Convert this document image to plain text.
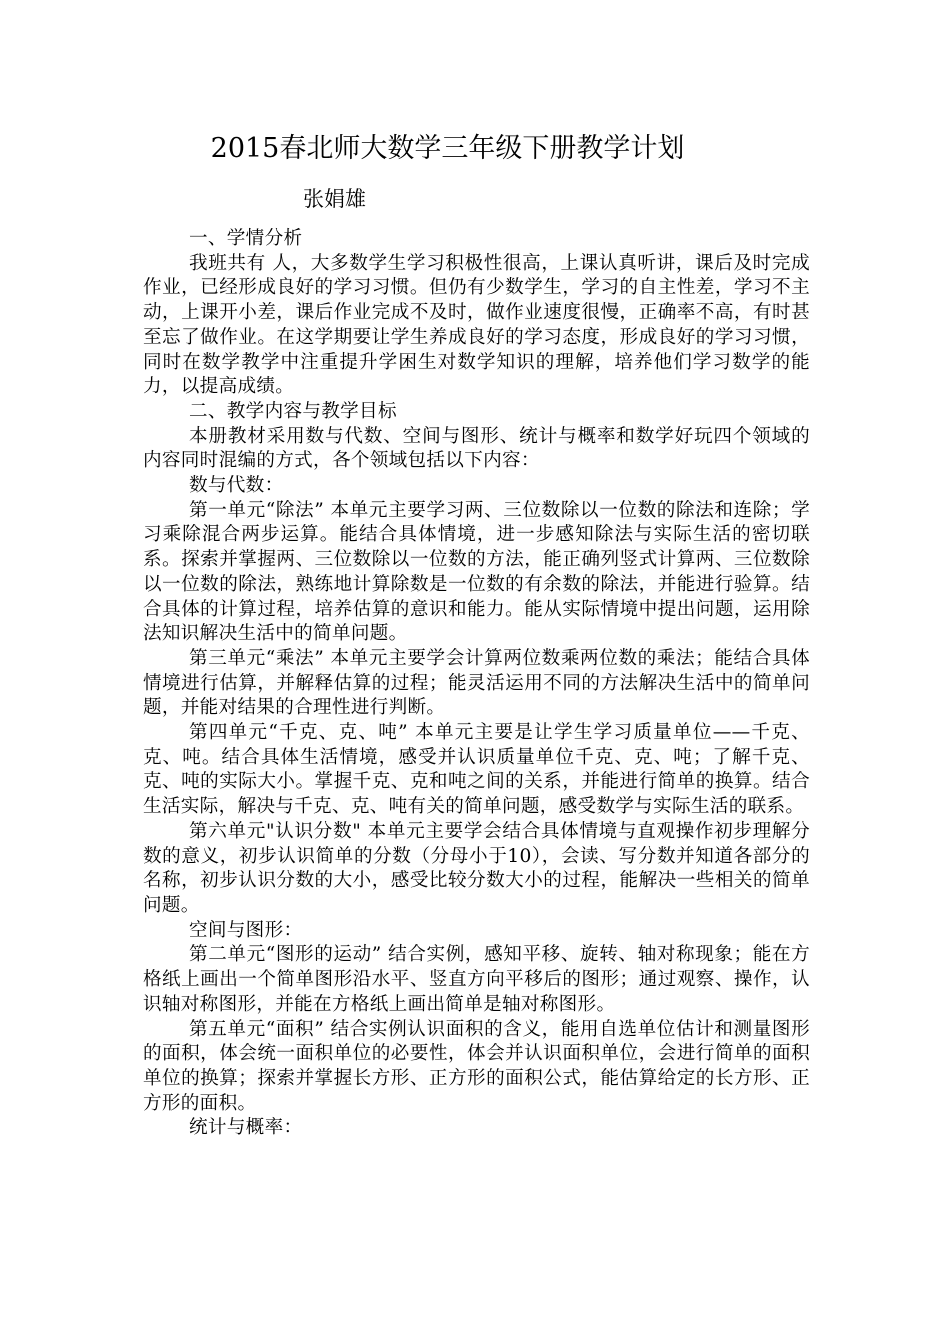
2015春北师大数学三年级下册教学计划
张娟雄

一、学情分析

我班共有 人，大多数学生学习积极性很高，上课认真听讲，课后及时完成作业，已经形成良好的学习习惯。但仍有少数学生，学习的自主性差，学习不主动，上课开小差，课后作业完成不及时，做作业速度很慢，正确率不高，有时甚至忘了做作业。在这学期要让学生养成良好的学习态度，形成良好的学习习惯，同时在数学教学中注重提升学困生对数学知识的理解，培养他们学习数学的能力，以提高成绩。

二、教学内容与教学目标

本册教材采用数与代数、空间与图形、统计与概率和数学好玩四个领域的内容同时混编的方式，各个领域包括以下内容：

数与代数：

第一单元“除法” 本单元主要学习两、三位数除以一位数的除法和连除；学习乘除混合两步运算。能结合具体情境，进一步感知除法与实际生活的密切联系。探索并掌握两、三位数除以一位数的方法，能正确列竖式计算两、三位数除以一位数的除法，熟练地计算除数是一位数的有余数的除法，并能进行验算。结合具体的计算过程，培养估算的意识和能力。能从实际情境中提出问题，运用除法知识解决生活中的简单问题。

第三单元“乘法” 本单元主要学会计算两位数乘两位数的乘法；能结合具体情境进行估算，并解释估算的过程；能灵活运用不同的方法解决生活中的简单问题，并能对结果的合理性进行判断。

第四单元“千克、克、吨” 本单元主要是让学生学习质量单位——千克、克、吨。结合具体生活情境，感受并认识质量单位千克、克、吨；了解千克、克、吨的实际大小。掌握千克、克和吨之间的关系，并能进行简单的换算。结合生活实际，解决与千克、克、吨有关的简单问题，感受数学与实际生活的联系。

第六单元"认识分数" 本单元主要学会结合具体情境与直观操作初步理解分数的意义，初步认识简单的分数（分母小于10），会读、写分数并知道各部分的名称，初步认识分数的大小，感受比较分数大小的过程，能解决一些相关的简单问题。

空间与图形：

第二单元“图形的运动” 结合实例，感知平移、旋转、轴对称现象；能在方格纸上画出一个简单图形沿水平、竖直方向平移后的图形；通过观察、操作，认识轴对称图形，并能在方格纸上画出简单是轴对称图形。

第五单元“面积” 结合实例认识面积的含义，能用自选单位估计和测量图形的面积，体会统一面积单位的必要性，体会并认识面积单位，会进行简单的面积单位的换算；探索并掌握长方形、正方形的面积公式，能估算给定的长方形、正方形的面积。

统计与概率：
